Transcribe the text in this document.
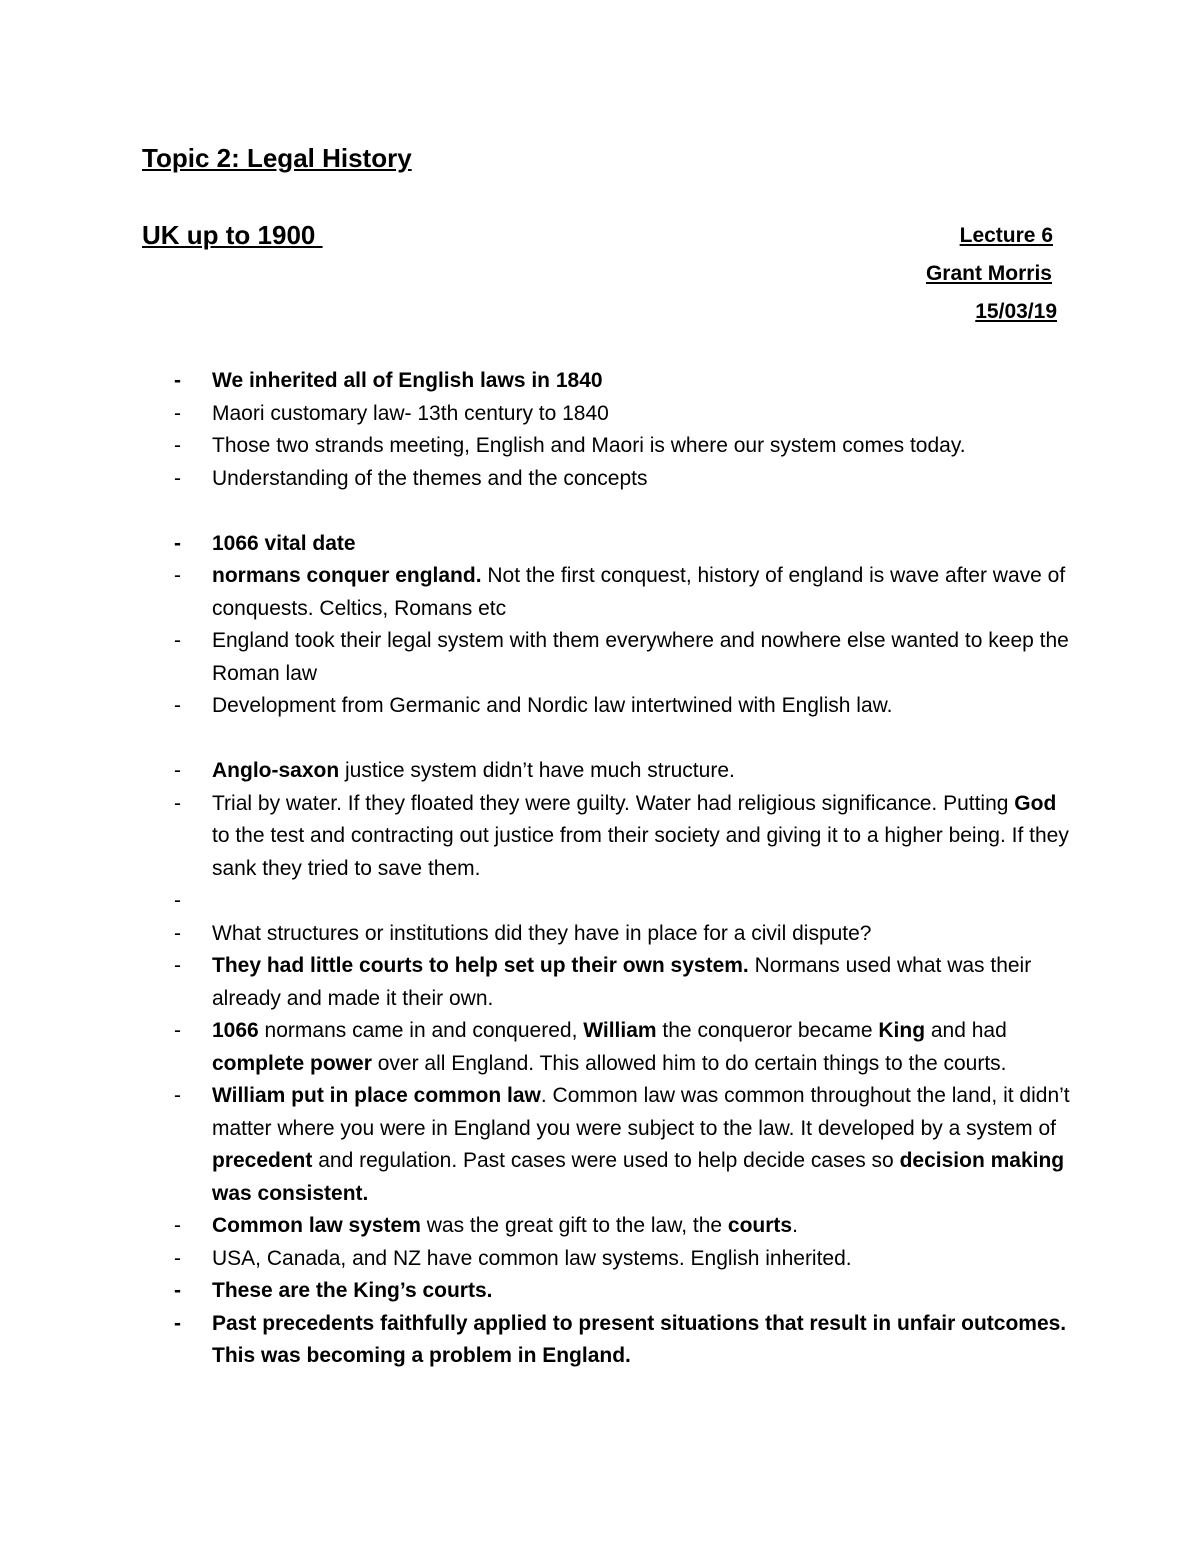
Topic 2: Legal History
UK up to 1900	Lecture 6
Grant Morris
15/03/19
- We inherited all of English laws in 1840
- Maori customary law- 13th century to 1840
- Those two strands meeting, English and Maori is where our system comes today.
- Understanding of the themes and the concepts
- 1066 vital date
- normans conquer england. Not the first conquest, history of england is wave after wave of conquests. Celtics, Romans etc
- England took their legal system with them everywhere and nowhere else wanted to keep the Roman law
- Development from Germanic and Nordic law intertwined with English law.
- Anglo-saxon justice system didn’t have much structure.
- Trial by water. If they floated they were guilty. Water had religious significance. Putting God to the test and contracting out justice from their society and giving it to a higher being. If they sank they tried to save them.
-
- What structures or institutions did they have in place for a civil dispute?
- They had little courts to help set up their own system. Normans used what was their already and made it their own.
- 1066 normans came in and conquered, William the conqueror became King and had complete power over all England. This allowed him to do certain things to the courts.
- William put in place common law. Common law was common throughout the land, it didn’t matter where you were in England you were subject to the law. It developed by a system of precedent and regulation. Past cases were used to help decide cases so decision making was consistent.
- Common law system was the great gift to the law, the courts.
- USA, Canada, and NZ have common law systems. English inherited.
- These are the King’s courts.
- Past precedents faithfully applied to present situations that result in unfair outcomes. This was becoming a problem in England.
